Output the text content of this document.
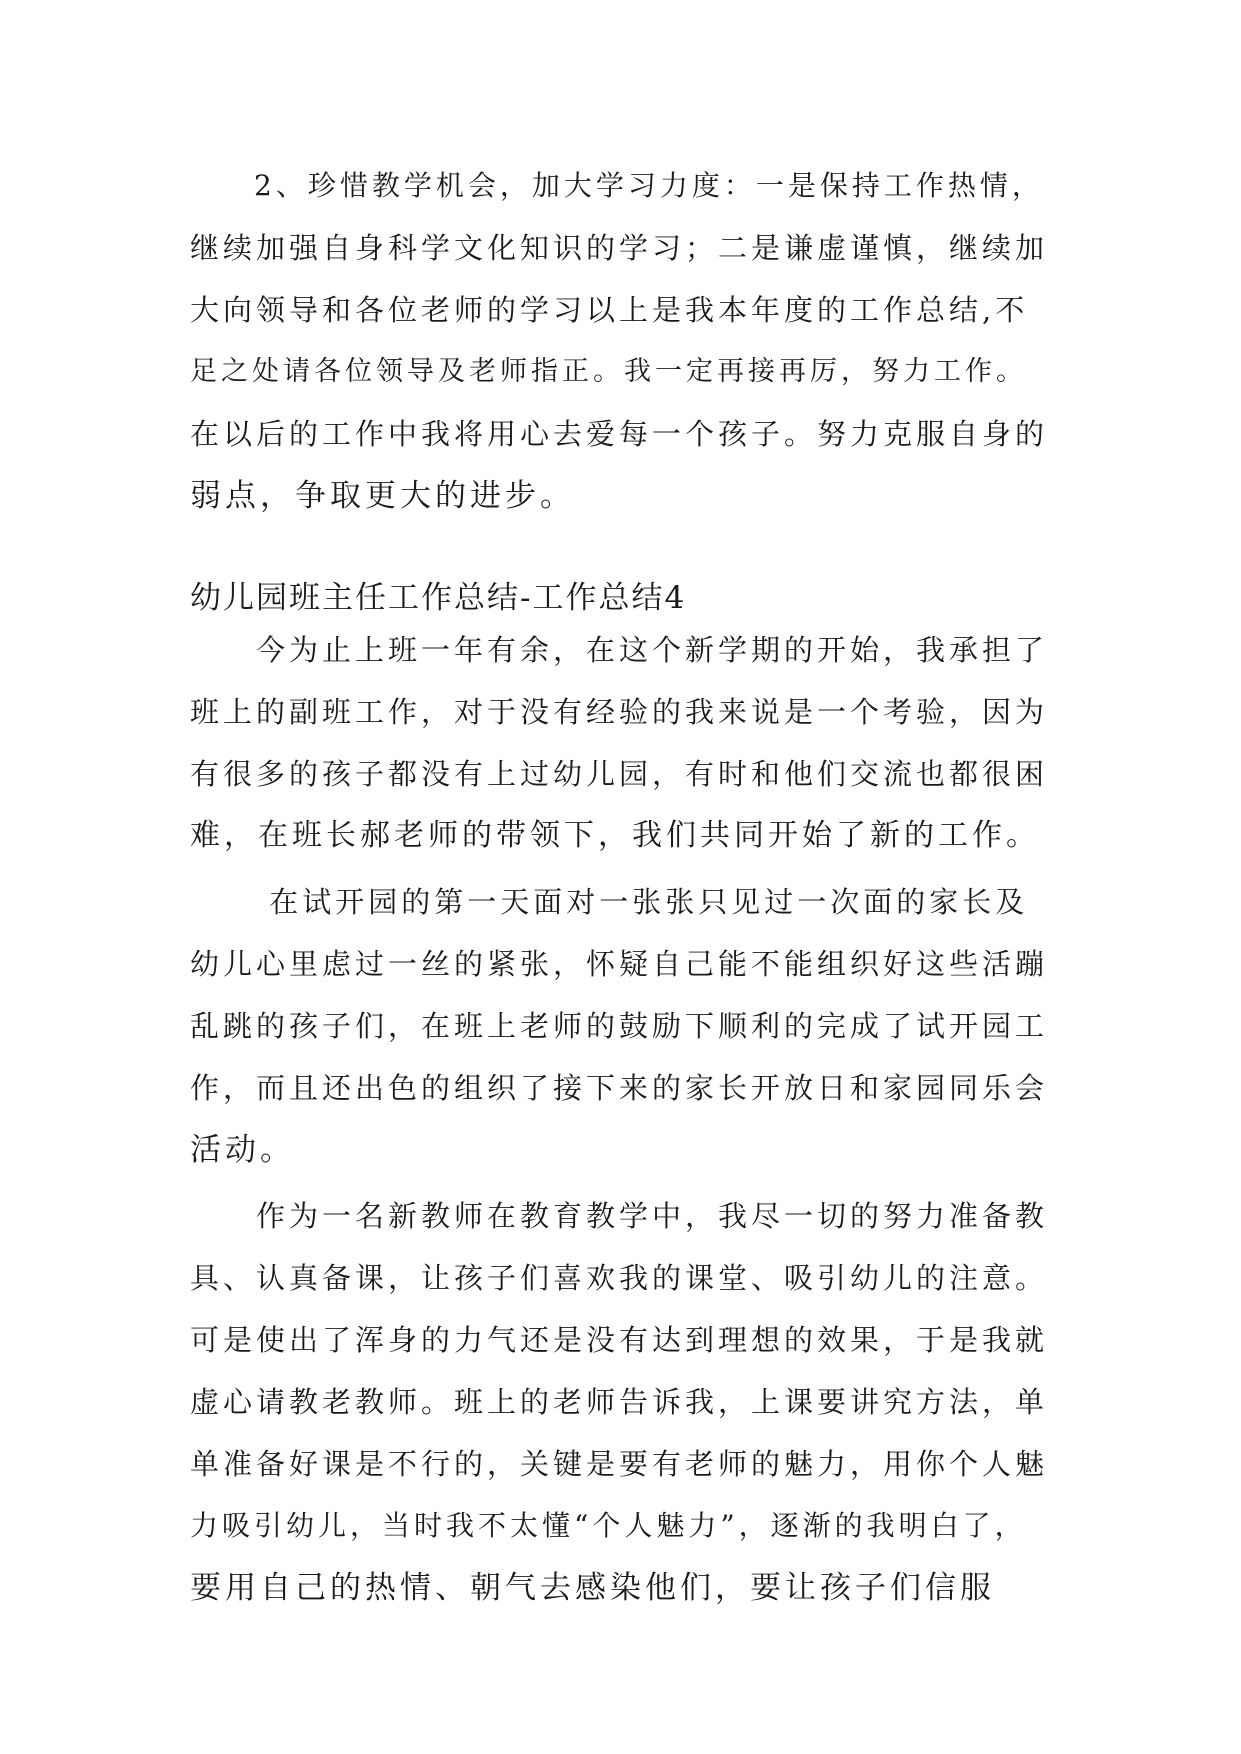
　　2、珍惜教学机会，加大学习力度：一是保持工作热情，
继续加强自身科学文化知识的学习；二是谦虚谨慎，继续加
大向领导和各位老师的学习以上是我本年度的工作总结,不
足之处请各位领导及老师指正。我一定再接再厉，努力工作。
在以后的工作中我将用心去爱每一个孩子。努力克服自身的
弱点，争取更大的进步。
幼儿园班主任工作总结-工作总结4
　　今为止上班一年有余，在这个新学期的开始，我承担了
班上的副班工作，对于没有经验的我来说是一个考验，因为
有很多的孩子都没有上过幼儿园，有时和他们交流也都很困
难，在班长郝老师的带领下，我们共同开始了新的工作。
　　 在试开园的第一天面对一张张只见过一次面的家长及
幼儿心里虑过一丝的紧张，怀疑自己能不能组织好这些活蹦
乱跳的孩子们，在班上老师的鼓励下顺利的完成了试开园工
作，而且还出色的组织了接下来的家长开放日和家园同乐会
活动。
　　作为一名新教师在教育教学中，我尽一切的努力准备教
具、认真备课，让孩子们喜欢我的课堂、吸引幼儿的注意。
可是使出了浑身的力气还是没有达到理想的效果，于是我就
虚心请教老教师。班上的老师告诉我，上课要讲究方法，单
单准备好课是不行的，关键是要有老师的魅力，用你个人魅
力吸引幼儿，当时我不太懂“个人魅力”，逐渐的我明白了，
要用自己的热情、朝气去感染他们，要让孩子们信服
